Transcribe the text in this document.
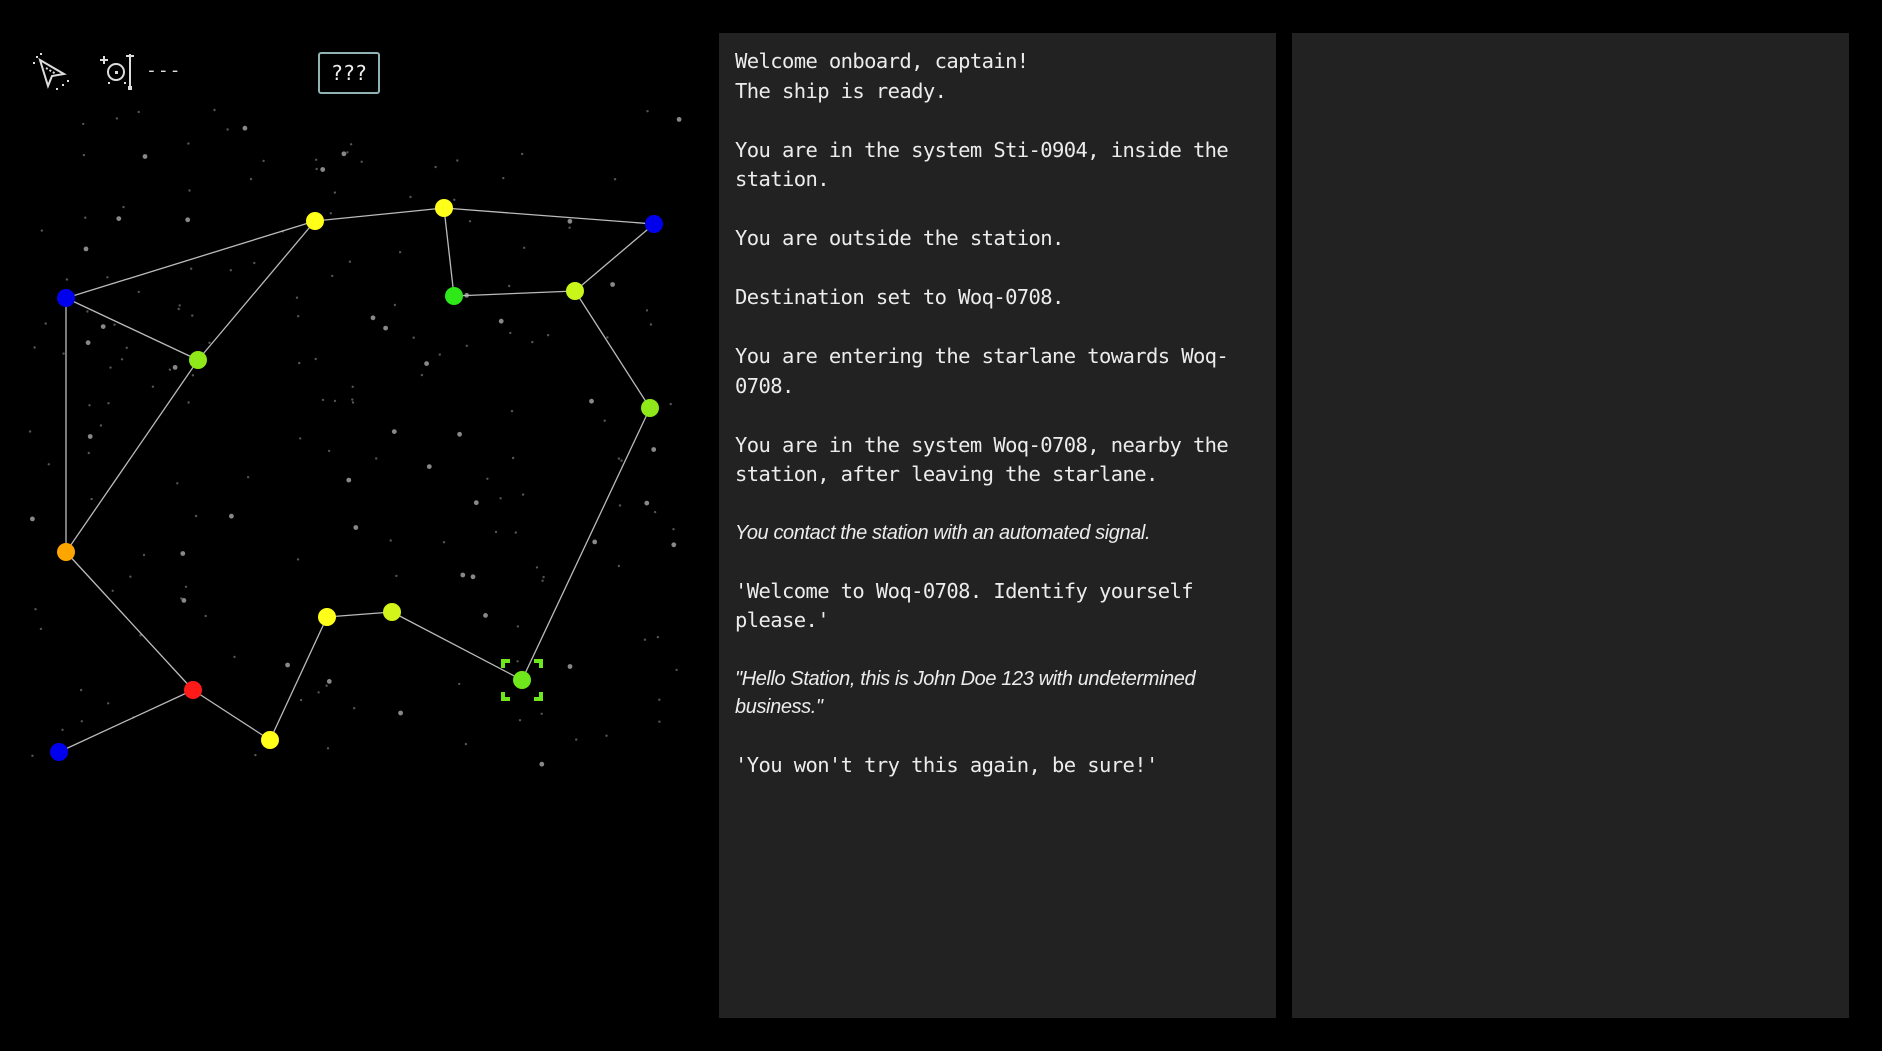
---	???	Welcome onboard, captain!
The ship is ready.
You are in the system Sti-0904, inside the station.
You are outside the station.
Destination set to Woq-0708.
You are entering the starlane towards Woq-0708.
You are in the system Woq-0708, nearby the station, after leaving the starlane.
You contact the station with an automated signal.
'Welcome to Woq-0708. Identify yourself please.'
"Hello Station, this is John Doe 123 with undetermined business."
'You won't try this again, be sure!'
